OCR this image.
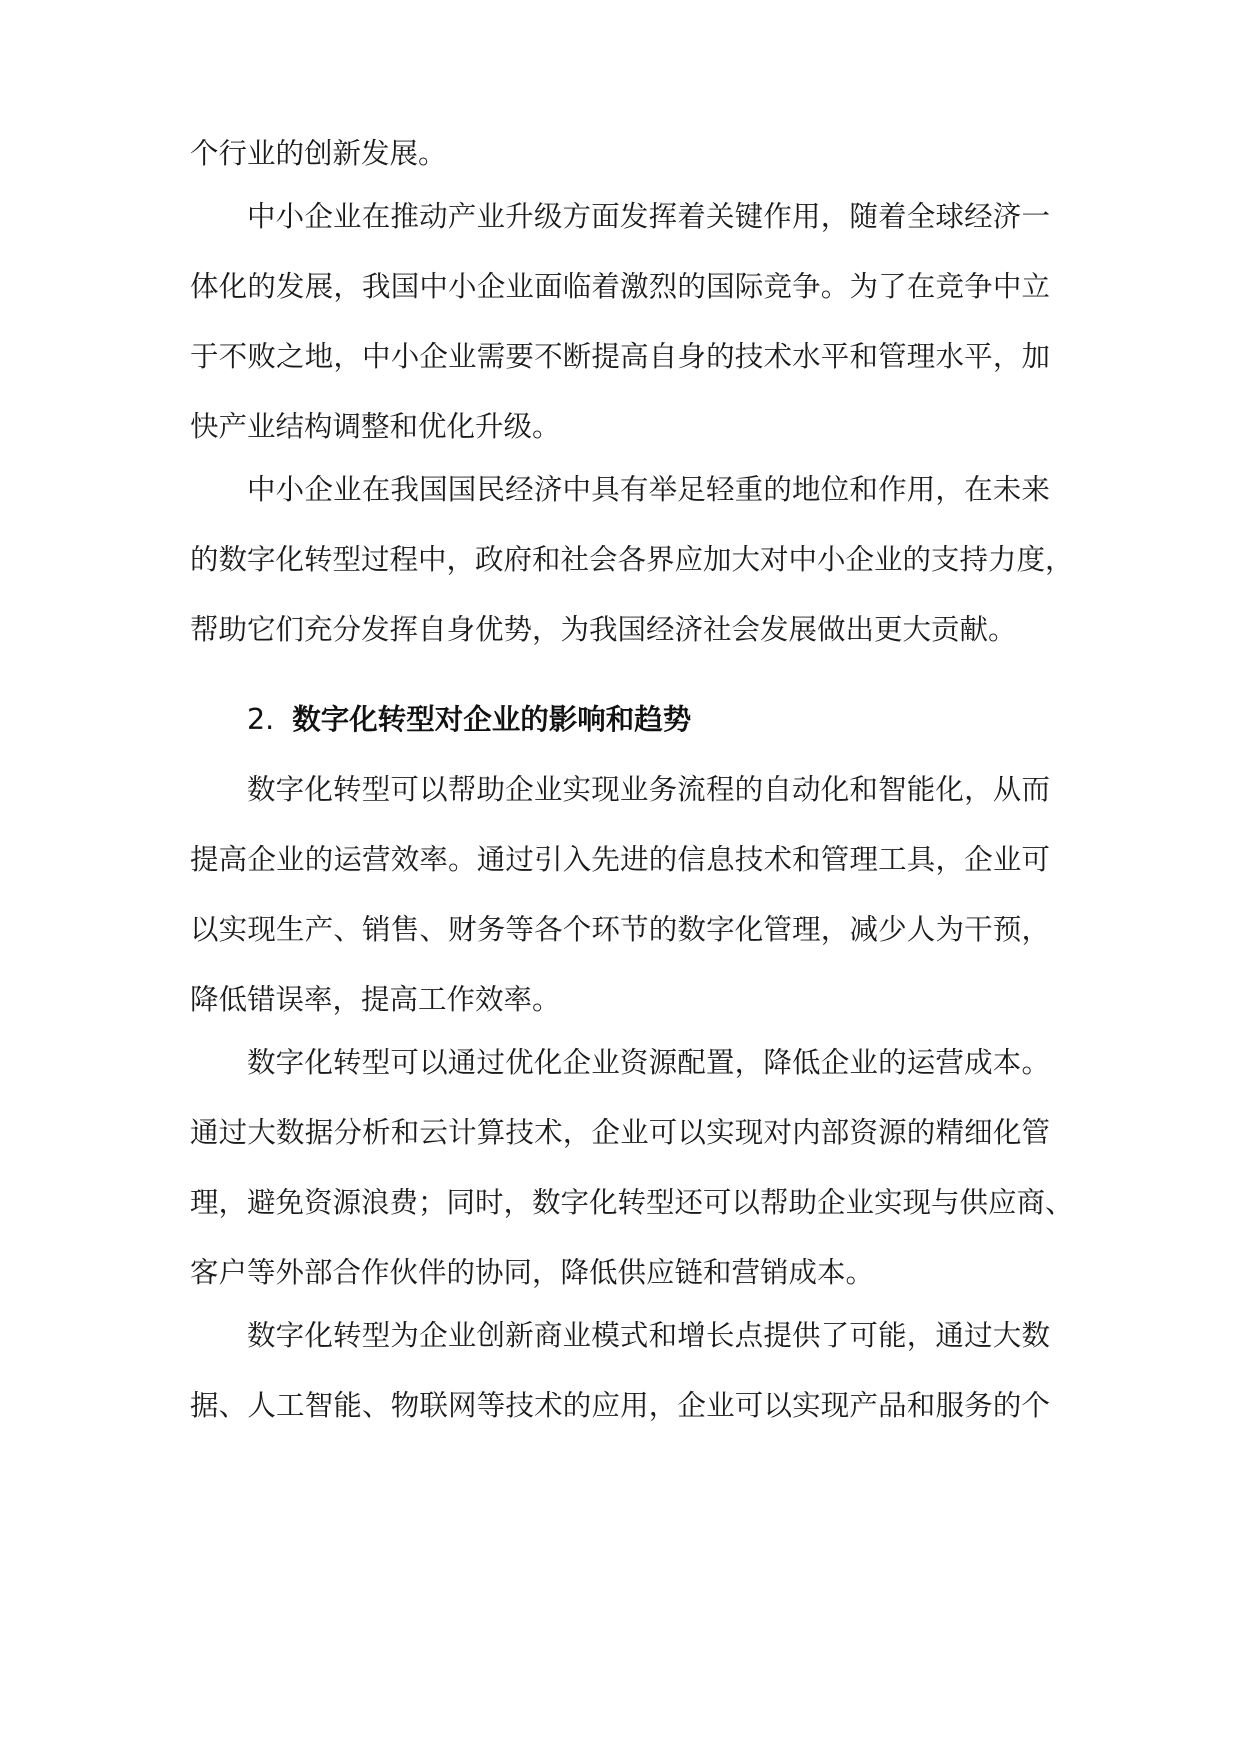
个行业的创新发展。
中小企业在推动产业升级方面发挥着关键作用，随着全球经济一
体化的发展，我国中小企业面临着激烈的国际竞争。为了在竞争中立
于不败之地，中小企业需要不断提高自身的技术水平和管理水平，加
快产业结构调整和优化升级。
中小企业在我国国民经济中具有举足轻重的地位和作用，在未来
的数字化转型过程中，政府和社会各界应加大对中小企业的支持力度，
帮助它们充分发挥自身优势，为我国经济社会发展做出更大贡献。
2. 数字化转型对企业的影响和趋势
数字化转型可以帮助企业实现业务流程的自动化和智能化，从而
提高企业的运营效率。通过引入先进的信息技术和管理工具，企业可
以实现生产、销售、财务等各个环节的数字化管理，减少人为干预，
降低错误率，提高工作效率。
数字化转型可以通过优化企业资源配置，降低企业的运营成本。
通过大数据分析和云计算技术，企业可以实现对内部资源的精细化管
理，避免资源浪费；同时，数字化转型还可以帮助企业实现与供应商、
客户等外部合作伙伴的协同，降低供应链和营销成本。
数字化转型为企业创新商业模式和增长点提供了可能，通过大数
据、人工智能、物联网等技术的应用，企业可以实现产品和服务的个
